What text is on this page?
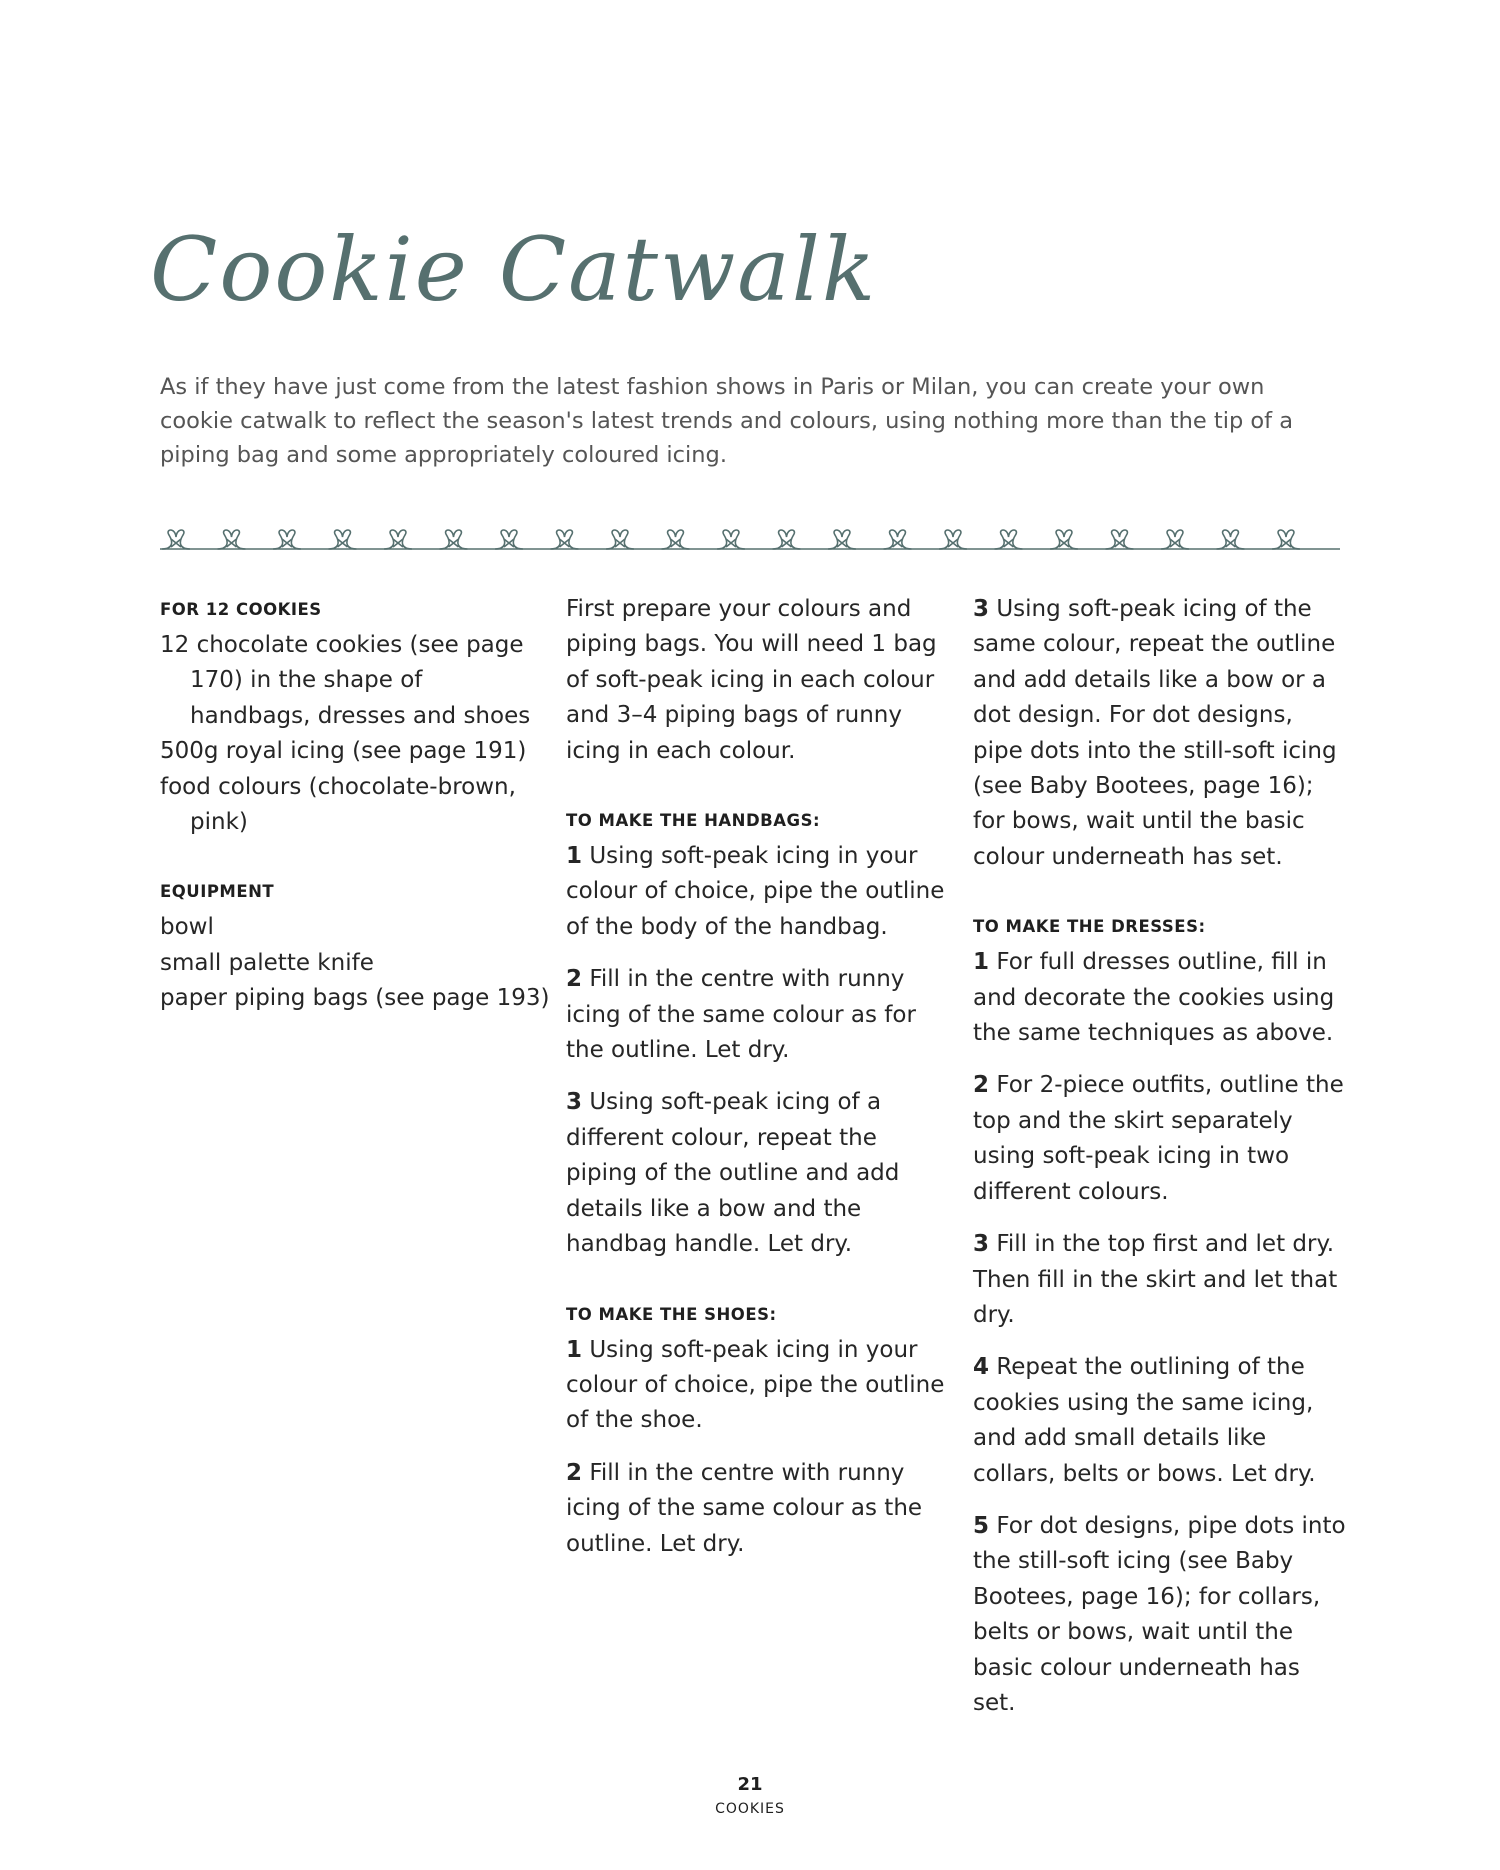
Cookie Catwalk

As if they have just come from the latest fashion shows in Paris or Milan, you can create your own cookie catwalk to reflect the season's latest trends and colours, using nothing more than the tip of a piping bag and some appropriately coloured icing.

FOR 12 COOKIES
12 chocolate cookies (see page 170) in the shape of handbags, dresses and shoes
500g royal icing (see page 191)
food colours (chocolate-brown, pink)
EQUIPMENT
bowl
small palette knife
paper piping bags (see page 193)

First prepare your colours and piping bags. You will need 1 bag of soft-peak icing in each colour and 3–4 piping bags of runny icing in each colour.

TO MAKE THE HANDBAGS:

1 Using soft-peak icing in your colour of choice, pipe the outline of the body of the handbag.

2 Fill in the centre with runny icing of the same colour as for the outline. Let dry.

3 Using soft-peak icing of a different colour, repeat the piping of the outline and add details like a bow and the handbag handle. Let dry.

TO MAKE THE SHOES:

1 Using soft-peak icing in your colour of choice, pipe the outline of the shoe.

2 Fill in the centre with runny icing of the same colour as the outline. Let dry.

3 Using soft-peak icing of the same colour, repeat the outline and add details like a bow or a dot design. For dot designs, pipe dots into the still-soft icing (see Baby Bootees, page 16); for bows, wait until the basic colour underneath has set.

TO MAKE THE DRESSES:

1 For full dresses outline, fill in and decorate the cookies using the same techniques as above.

2 For 2-piece outfits, outline the top and the skirt separately using soft-peak icing in two different colours.

3 Fill in the top first and let dry. Then fill in the skirt and let that dry.

4 Repeat the outlining of the cookies using the same icing, and add small details like collars, belts or bows. Let dry.

5 For dot designs, pipe dots into the still-soft icing (see Baby Bootees, page 16); for collars, belts or bows, wait until the basic colour underneath has set.

21
COOKIES
